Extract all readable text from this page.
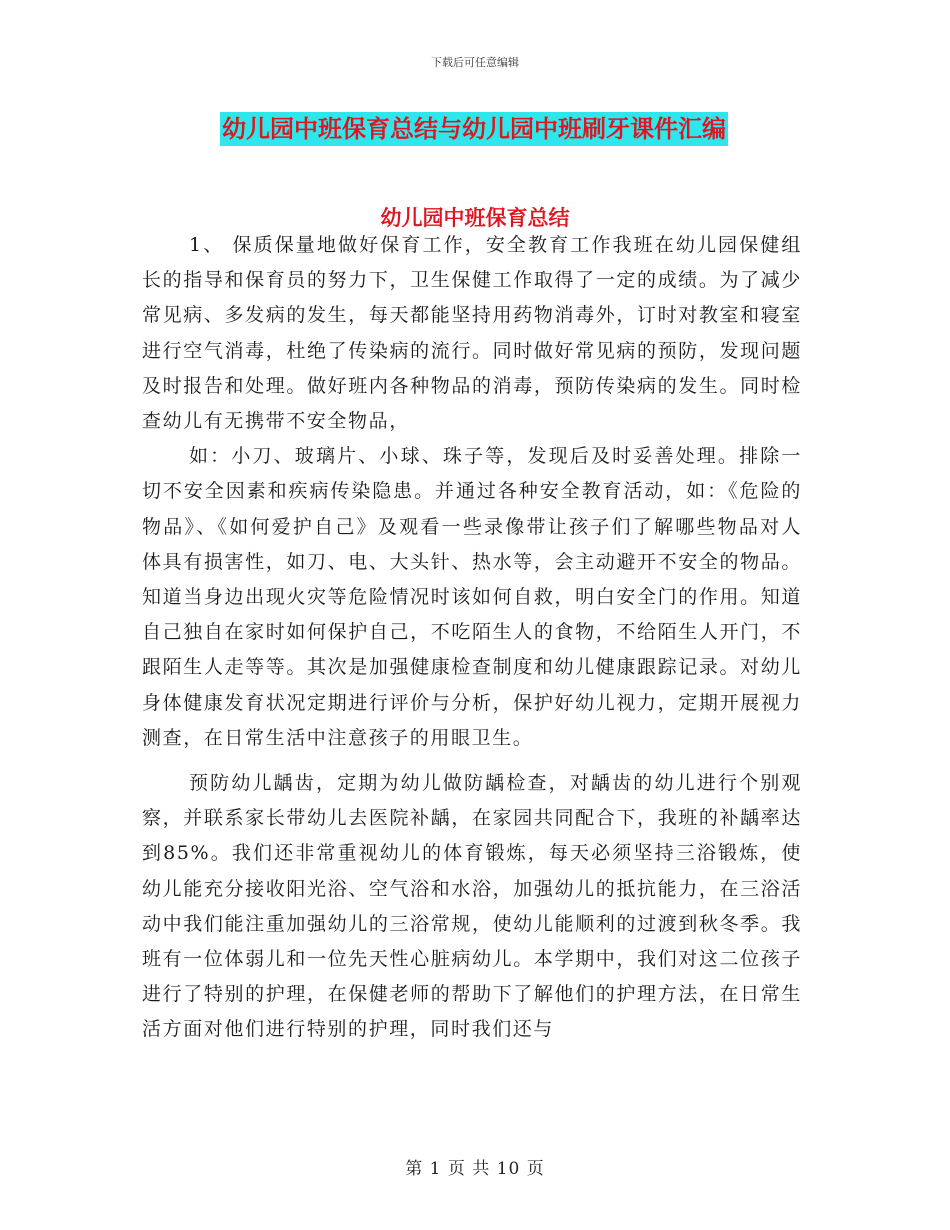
下载后可任意编辑
幼儿园中班保育总结与幼儿园中班刷牙课件汇编
幼儿园中班保育总结

1、 保质保量地做好保育工作，安全教育工作我班在幼儿园保健组长的指导和保育员的努力下，卫生保健工作取得了一定的成绩。为了减少常见病、多发病的发生，每天都能坚持用药物消毒外，订时对教室和寝室进行空气消毒，杜绝了传染病的流行。同时做好常见病的预防，发现问题及时报告和处理。做好班内各种物品的消毒，预防传染病的发生。同时检查幼儿有无携带不安全物品，

如：小刀、玻璃片、小球、珠子等，发现后及时妥善处理。排除一切不安全因素和疾病传染隐患。并通过各种安全教育活动，如：《危险的物品》、《如何爱护自己》及观看一些录像带让孩子们了解哪些物品对人体具有损害性，如刀、电、大头针、热水等，会主动避开不安全的物品。知道当身边出现火灾等危险情况时该如何自救，明白安全门的作用。知道自己独自在家时如何保护自己，不吃陌生人的食物，不给陌生人开门，不跟陌生人走等等。其次是加强健康检查制度和幼儿健康跟踪记录。对幼儿身体健康发育状况定期进行评价与分析，保护好幼儿视力，定期开展视力测查，在日常生活中注意孩子的用眼卫生。

预防幼儿龋齿，定期为幼儿做防龋检查，对龋齿的幼儿进行个别观察，并联系家长带幼儿去医院补龋，在家园共同配合下，我班的补龋率达到85%。我们还非常重视幼儿的体育锻炼，每天必须坚持三浴锻炼，使幼儿能充分接收阳光浴、空气浴和水浴，加强幼儿的抵抗能力，在三浴活动中我们能注重加强幼儿的三浴常规，使幼儿能顺利的过渡到秋冬季。我班有一位体弱儿和一位先天性心脏病幼儿。本学期中，我们对这二位孩子进行了特别的护理，在保健老师的帮助下了解他们的护理方法，在日常生活方面对他们进行特别的护理，同时我们还与

第 1 页 共 10 页
